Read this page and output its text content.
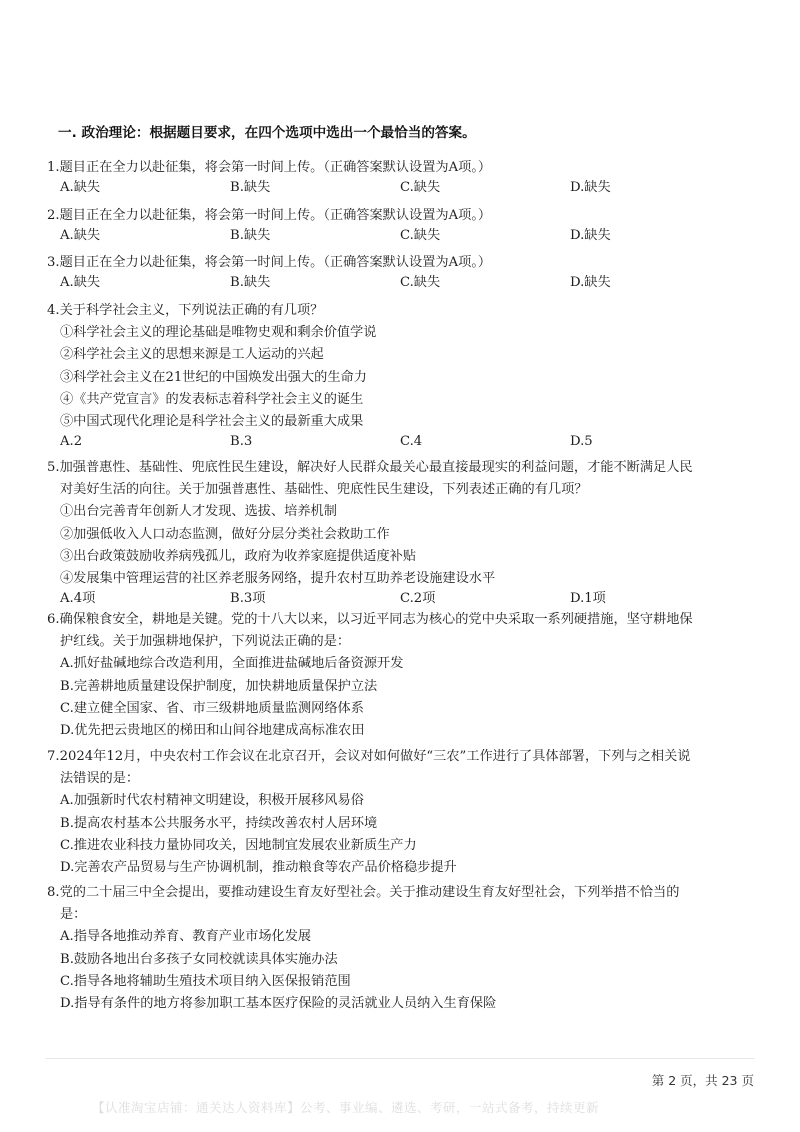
一. 政治理论：根据题目要求，在四个选项中选出一个最恰当的答案。
1.题目正在全力以赴征集，将会第一时间上传。（正确答案默认设置为A项。）
A.缺失	B.缺失	C.缺失	D.缺失
2.题目正在全力以赴征集，将会第一时间上传。（正确答案默认设置为A项。）
A.缺失	B.缺失	C.缺失	D.缺失
3.题目正在全力以赴征集，将会第一时间上传。（正确答案默认设置为A项。）
A.缺失	B.缺失	C.缺失	D.缺失
4.关于科学社会主义，下列说法正确的有几项？
①科学社会主义的理论基础是唯物史观和剩余价值学说
②科学社会主义的思想来源是工人运动的兴起
③科学社会主义在21世纪的中国焕发出强大的生命力
④《共产党宣言》的发表标志着科学社会主义的诞生
⑤中国式现代化理论是科学社会主义的最新重大成果
A.2	B.3	C.4	D.5
5.加强普惠性、基础性、兜底性民生建设，解决好人民群众最关心最直接最现实的利益问题，才能不断满足人民
对美好生活的向往。关于加强普惠性、基础性、兜底性民生建设，下列表述正确的有几项？
①出台完善青年创新人才发现、选拔、培养机制
②加强低收入人口动态监测，做好分层分类社会救助工作
③出台政策鼓励收养病残孤儿，政府为收养家庭提供适度补贴
④发展集中管理运营的社区养老服务网络，提升农村互助养老设施建设水平
A.4项	B.3项	C.2项	D.1项
6.确保粮食安全，耕地是关键。党的十八大以来，以习近平同志为核心的党中央采取一系列硬措施，坚守耕地保
护红线。关于加强耕地保护，下列说法正确的是：
A.抓好盐碱地综合改造利用，全面推进盐碱地后备资源开发
B.完善耕地质量建设保护制度，加快耕地质量保护立法
C.建立健全国家、省、市三级耕地质量监测网络体系
D.优先把云贵地区的梯田和山间谷地建成高标准农田
7.2024年12月，中央农村工作会议在北京召开，会议对如何做好“三农”工作进行了具体部署，下列与之相关说
法错误的是：
A.加强新时代农村精神文明建设，积极开展移风易俗
B.提高农村基本公共服务水平，持续改善农村人居环境
C.推进农业科技力量协同攻关，因地制宜发展农业新质生产力
D.完善农产品贸易与生产协调机制，推动粮食等农产品价格稳步提升
8.党的二十届三中全会提出，要推动建设生育友好型社会。关于推动建设生育友好型社会，下列举措不恰当的
是：
A.指导各地推动养育、教育产业市场化发展
B.鼓励各地出台多孩子女同校就读具体实施办法
C.指导各地将辅助生殖技术项目纳入医保报销范围
D.指导有条件的地方将参加职工基本医疗保险的灵活就业人员纳入生育保险
第 2 页，共 23 页
【认准淘宝店铺：通关达人资料库】公考、事业编、遴选、考研，一站式备考，持续更新
